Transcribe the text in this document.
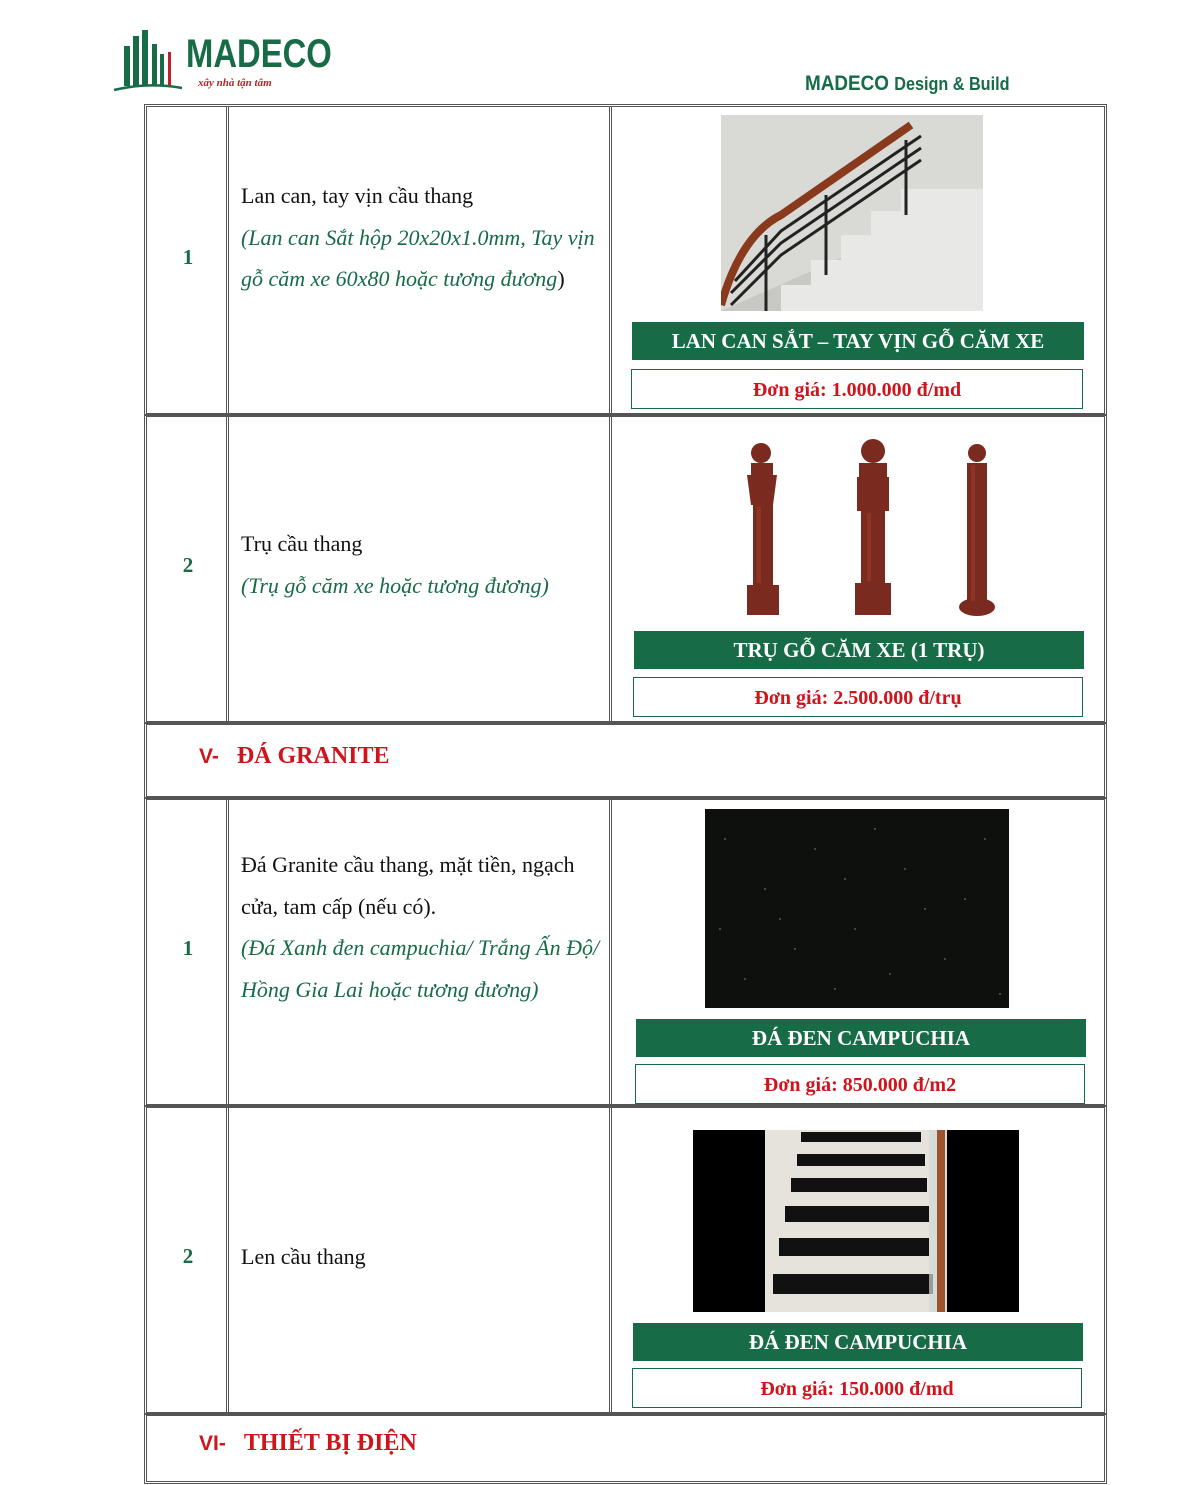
MADECO
xây nhà tận tâm	MADECO Design & Build
1
Lan can, tay vịn cầu thang
(Lan can Sắt hộp 20x20x1.0mm, Tay vịn gỗ căm xe 60x80 hoặc tương đương)
LAN CAN SẮT – TAY VỊN GỖ CĂM XE
Đơn giá: 1.000.000 đ/md
2
Trụ cầu thang
(Trụ gỗ căm xe hoặc tương đương)
TRỤ GỖ CĂM XE (1 TRỤ)
Đơn giá: 2.500.000 đ/trụ
V- ĐÁ GRANITE
1
Đá Granite cầu thang, mặt tiền, ngạch cửa, tam cấp (nếu có).
(Đá Xanh đen campuchia/ Trắng Ấn Độ/ Hồng Gia Lai hoặc tương đương)
ĐÁ ĐEN CAMPUCHIA
Đơn giá: 850.000 đ/m2
2	Len cầu thang
ĐÁ ĐEN CAMPUCHIA
Đơn giá: 150.000 đ/md
VI- THIẾT BỊ ĐIỆN
